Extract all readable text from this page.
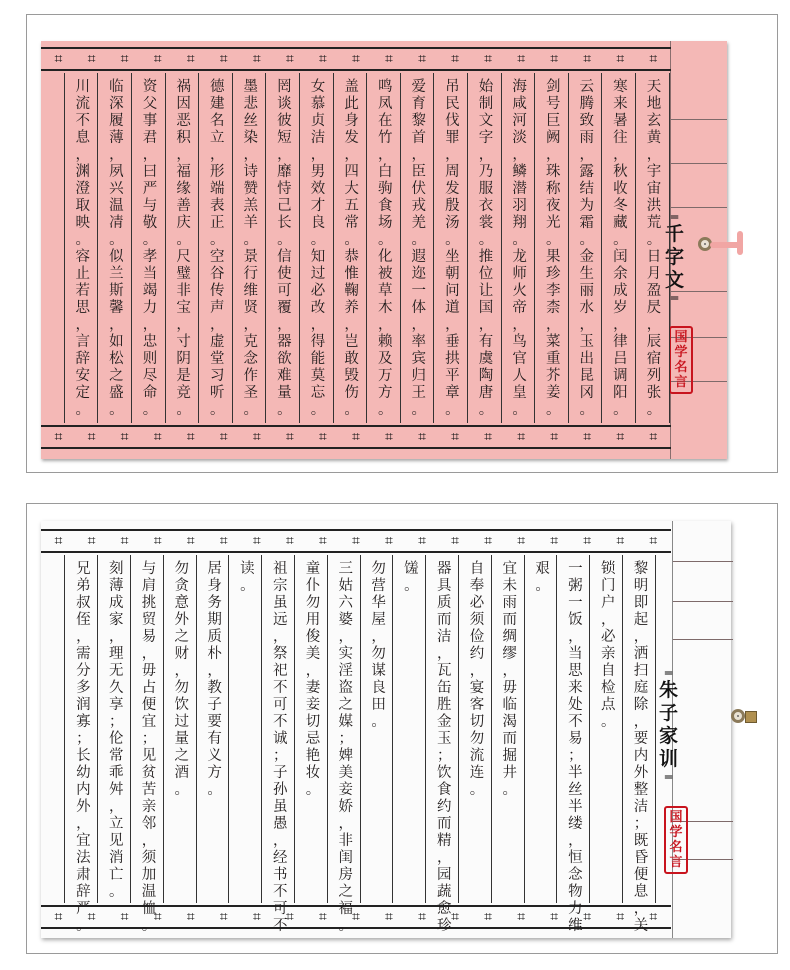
⌗ ⌗ ⌗ ⌗ ⌗ ⌗ ⌗ ⌗ ⌗ ⌗ ⌗ ⌗ ⌗ ⌗ ⌗ ⌗ ⌗ ⌗ ⌗
⌗ ⌗ ⌗ ⌗ ⌗ ⌗ ⌗ ⌗ ⌗ ⌗ ⌗ ⌗ ⌗ ⌗ ⌗ ⌗ ⌗ ⌗ ⌗
═
千
字
文
═
国
学
名
言
天
地
玄
黄
，
宇
宙
洪
荒
。
日
月
盈
昃
，
辰
宿
列
张
。
寒
来
暑
往
，
秋
收
冬
藏
。
闰
余
成
岁
，
律
吕
调
阳
。
云
腾
致
雨
，
露
结
为
霜
。
金
生
丽
水
，
玉
出
昆
冈
。
剑
号
巨
阙
，
珠
称
夜
光
。
果
珍
李
柰
，
菜
重
芥
姜
。
海
咸
河
淡
，
鳞
潜
羽
翔
。
龙
师
火
帝
，
鸟
官
人
皇
。
始
制
文
字
，
乃
服
衣
裳
。
推
位
让
国
，
有
虞
陶
唐
。
吊
民
伐
罪
，
周
发
殷
汤
。
坐
朝
问
道
，
垂
拱
平
章
。
爱
育
黎
首
，
臣
伏
戎
羌
。
遐
迩
一
体
，
率
宾
归
王
。
鸣
凤
在
竹
，
白
驹
食
场
。
化
被
草
木
，
赖
及
万
方
。
盖
此
身
发
，
四
大
五
常
。
恭
惟
鞠
养
，
岂
敢
毁
伤
。
女
慕
贞
洁
，
男
效
才
良
。
知
过
必
改
，
得
能
莫
忘
。
罔
谈
彼
短
，
靡
恃
己
长
。
信
使
可
覆
，
器
欲
难
量
。
墨
悲
丝
染
，
诗
赞
羔
羊
。
景
行
维
贤
，
克
念
作
圣
。
德
建
名
立
，
形
端
表
正
。
空
谷
传
声
，
虚
堂
习
听
。
祸
因
恶
积
，
福
缘
善
庆
。
尺
璧
非
宝
，
寸
阴
是
竞
。
资
父
事
君
，
曰
严
与
敬
。
孝
当
竭
力
，
忠
则
尽
命
。
临
深
履
薄
，
夙
兴
温
凊
。
似
兰
斯
馨
，
如
松
之
盛
。
川
流
不
息
，
渊
澄
取
映
。
容
止
若
思
，
言
辞
安
定
。
⌗ ⌗ ⌗ ⌗ ⌗ ⌗ ⌗ ⌗ ⌗ ⌗ ⌗ ⌗ ⌗ ⌗ ⌗ ⌗ ⌗ ⌗ ⌗
⌗ ⌗ ⌗ ⌗ ⌗ ⌗ ⌗ ⌗ ⌗ ⌗ ⌗ ⌗ ⌗ ⌗ ⌗ ⌗ ⌗ ⌗ ⌗
═
朱
子
家
训
═
国
学
名
言
黎
明
即
起
，
洒
扫
庭
除
，
要
内
外
整
洁
；
既
昏
便
息
，
关
锁
门
户
，
必
亲
自
检
点
。
一
粥
一
饭
，
当
思
来
处
不
易
；
半
丝
半
缕
，
恒
念
物
力
维
艰
。
宜
未
雨
而
绸
缪
，
毋
临
渴
而
掘
井
。
自
奉
必
须
俭
约
，
宴
客
切
勿
流
连
。
器
具
质
而
洁
，
瓦
缶
胜
金
玉
；
饮
食
约
而
精
，
园
蔬
愈
珍
馐
。
勿
营
华
屋
，
勿
谋
良
田
。
三
姑
六
婆
，
实
淫
盗
之
媒
；
婢
美
妾
娇
，
非
闺
房
之
福
。
童
仆
勿
用
俊
美
，
妻
妾
切
忌
艳
妆
。
祖
宗
虽
远
，
祭
祀
不
可
不
诚
；
子
孙
虽
愚
，
经
书
不
可
不
读
。
居
身
务
期
质
朴
，
教
子
要
有
义
方
。
勿
贪
意
外
之
财
，
勿
饮
过
量
之
酒
。
与
肩
挑
贸
易
，
毋
占
便
宜
；
见
贫
苦
亲
邻
，
须
加
温
恤
。
刻
薄
成
家
，
理
无
久
享
；
伦
常
乖
舛
，
立
见
消
亡
。
兄
弟
叔
侄
，
需
分
多
润
寡
；
长
幼
内
外
，
宜
法
肃
辞
严
。
